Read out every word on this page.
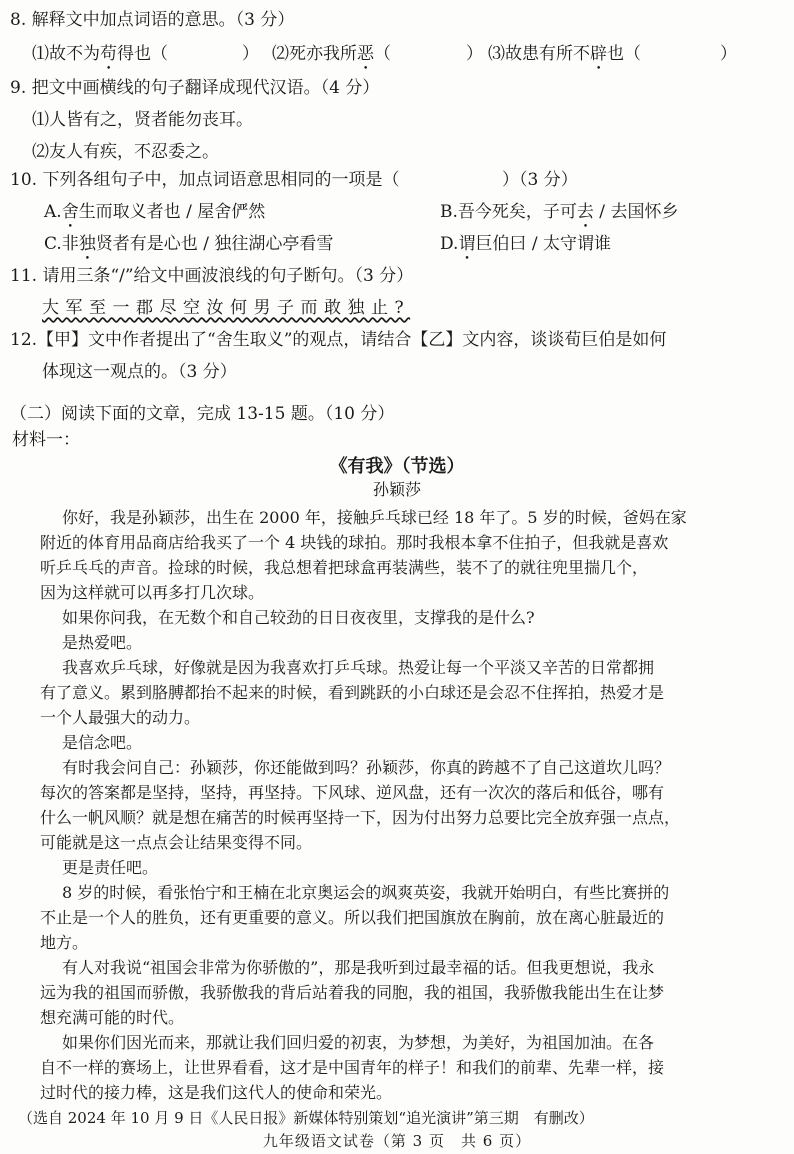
8. 解释文中加点词语的意思。（3 分）
⑴故不为苟得也（	） ⑵死亦我所恶（	） ⑶故患有所不辟也（	）
9. 把文中画横线的句子翻译成现代汉语。（4 分）
⑴人皆有之，贤者能勿丧耳。
⑵友人有疾，不忍委之。
10. 下列各组句子中，加点词语意思相同的一项是（	）（3 分）
A.舍生而取义者也 / 屋舍俨然	B.吾今死矣，子可去 / 去国怀乡
C.非独贤者有是心也 / 独往湖心亭看雪	D.谓巨伯曰 / 太守谓谁
11. 请用三条“/”给文中画波浪线的句子断句。（3 分）
大军至一郡尽空汝何男子而敢独止?
12.【甲】文中作者提出了“舍生取义”的观点，请结合【乙】文内容，谈谈荀巨伯是如何
体现这一观点的。（3 分）
（二）阅读下面的文章，完成 13-15 题。（10 分）
材料一：
《有我》（节选）
孙颖莎
你好，我是孙颖莎，出生在 2000 年，接触乒乓球已经 18 年了。5 岁的时候，爸妈在家
附近的体育用品商店给我买了一个 4 块钱的球拍。那时我根本拿不住拍子，但我就是喜欢
听乒乓乓的声音。捡球的时候，我总想着把球盒再装满些，装不了的就往兜里揣几个，
因为这样就可以再多打几次球。
如果你问我，在无数个和自己较劲的日日夜夜里，支撑我的是什么?
是热爱吧。
我喜欢乒乓球，好像就是因为我喜欢打乒乓球。热爱让每一个平淡又辛苦的日常都拥
有了意义。累到胳膊都抬不起来的时候，看到跳跃的小白球还是会忍不住挥拍，热爱才是
一个人最强大的动力。
是信念吧。
有时我会问自己：孙颖莎，你还能做到吗？孙颖莎，你真的跨越不了自己这道坎儿吗？
每次的答案都是坚持，坚持，再坚持。下风球、逆风盘，还有一次次的落后和低谷，哪有
什么一帆风顺？就是想在痛苦的时候再坚持一下，因为付出努力总要比完全放弃强一点点，
可能就是这一点点会让结果变得不同。
更是责任吧。
8 岁的时候，看张怡宁和王楠在北京奥运会的飒爽英姿，我就开始明白，有些比赛拼的
不止是一个人的胜负，还有更重要的意义。所以我们把国旗放在胸前，放在离心脏最近的
地方。
有人对我说“祖国会非常为你骄傲的”，那是我听到过最幸福的话。但我更想说，我永
远为我的祖国而骄傲，我骄傲我的背后站着我的同胞，我的祖国，我骄傲我能出生在让梦
想充满可能的时代。
如果你们因光而来，那就让我们回归爱的初衷，为梦想，为美好，为祖国加油。在各
自不一样的赛场上，让世界看看，这才是中国青年的样子！和我们的前辈、先辈一样，接
过时代的接力棒，这是我们这代人的使命和荣光。
（选自 2024 年 10 月 9 日《人民日报》新媒体特别策划“追光演讲”第三期　有删改）
九年级语文试卷（第 3 页　共 6 页）
